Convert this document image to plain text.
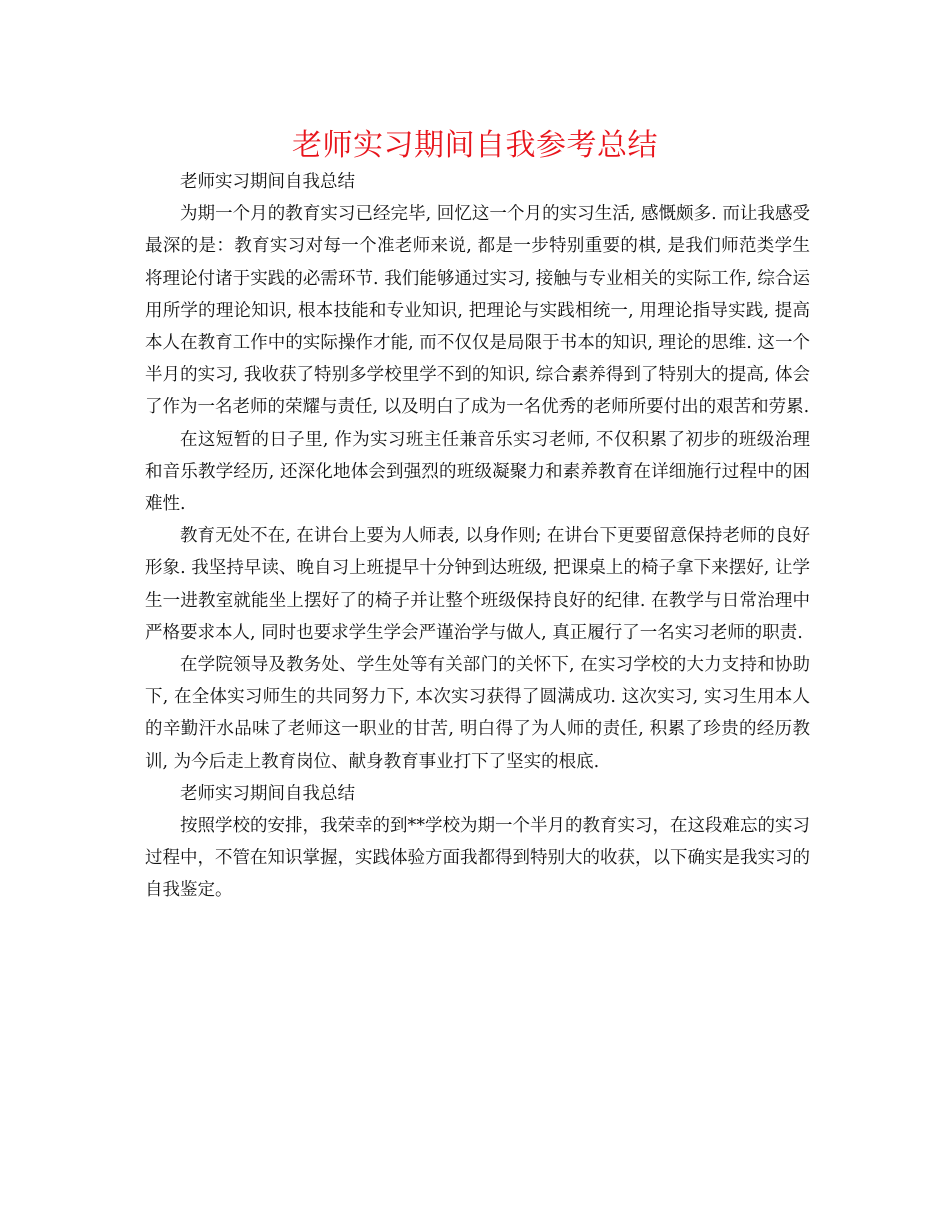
老师实习期间自我参考总结

老师实习期间自我总结

为期一个月的教育实习已经完毕, 回忆这一个月的实习生活, 感慨颇多. 而让我感受最深的是：教育实习对每一个准老师来说, 都是一步特别重要的棋, 是我们师范类学生将理论付诸于实践的必需环节. 我们能够通过实习, 接触与专业相关的实际工作, 综合运用所学的理论知识, 根本技能和专业知识, 把理论与实践相统一, 用理论指导实践, 提高本人在教育工作中的实际操作才能, 而不仅仅是局限于书本的知识, 理论的思维. 这一个半月的实习, 我收获了特别多学校里学不到的知识, 综合素养得到了特别大的提高, 体会了作为一名老师的荣耀与责任, 以及明白了成为一名优秀的老师所要付出的艰苦和劳累.

在这短暂的日子里, 作为实习班主任兼音乐实习老师, 不仅积累了初步的班级治理和音乐教学经历, 还深化地体会到强烈的班级凝聚力和素养教育在详细施行过程中的困难性.

教育无处不在, 在讲台上要为人师表, 以身作则; 在讲台下更要留意保持老师的良好形象. 我坚持早读、晚自习上班提早十分钟到达班级, 把课桌上的椅子拿下来摆好, 让学生一进教室就能坐上摆好了的椅子并让整个班级保持良好的纪律. 在教学与日常治理中严格要求本人, 同时也要求学生学会严谨治学与做人, 真正履行了一名实习老师的职责.

在学院领导及教务处、学生处等有关部门的关怀下, 在实习学校的大力支持和协助下, 在全体实习师生的共同努力下, 本次实习获得了圆满成功. 这次实习, 实习生用本人的辛勤汗水品味了老师这一职业的甘苦, 明白得了为人师的责任, 积累了珍贵的经历教训, 为今后走上教育岗位、献身教育事业打下了坚实的根底.

老师实习期间自我总结

按照学校的安排，我荣幸的到**学校为期一个半月的教育实习，在这段难忘的实习过程中，不管在知识掌握，实践体验方面我都得到特别大的收获，以下确实是我实习的自我鉴定。
